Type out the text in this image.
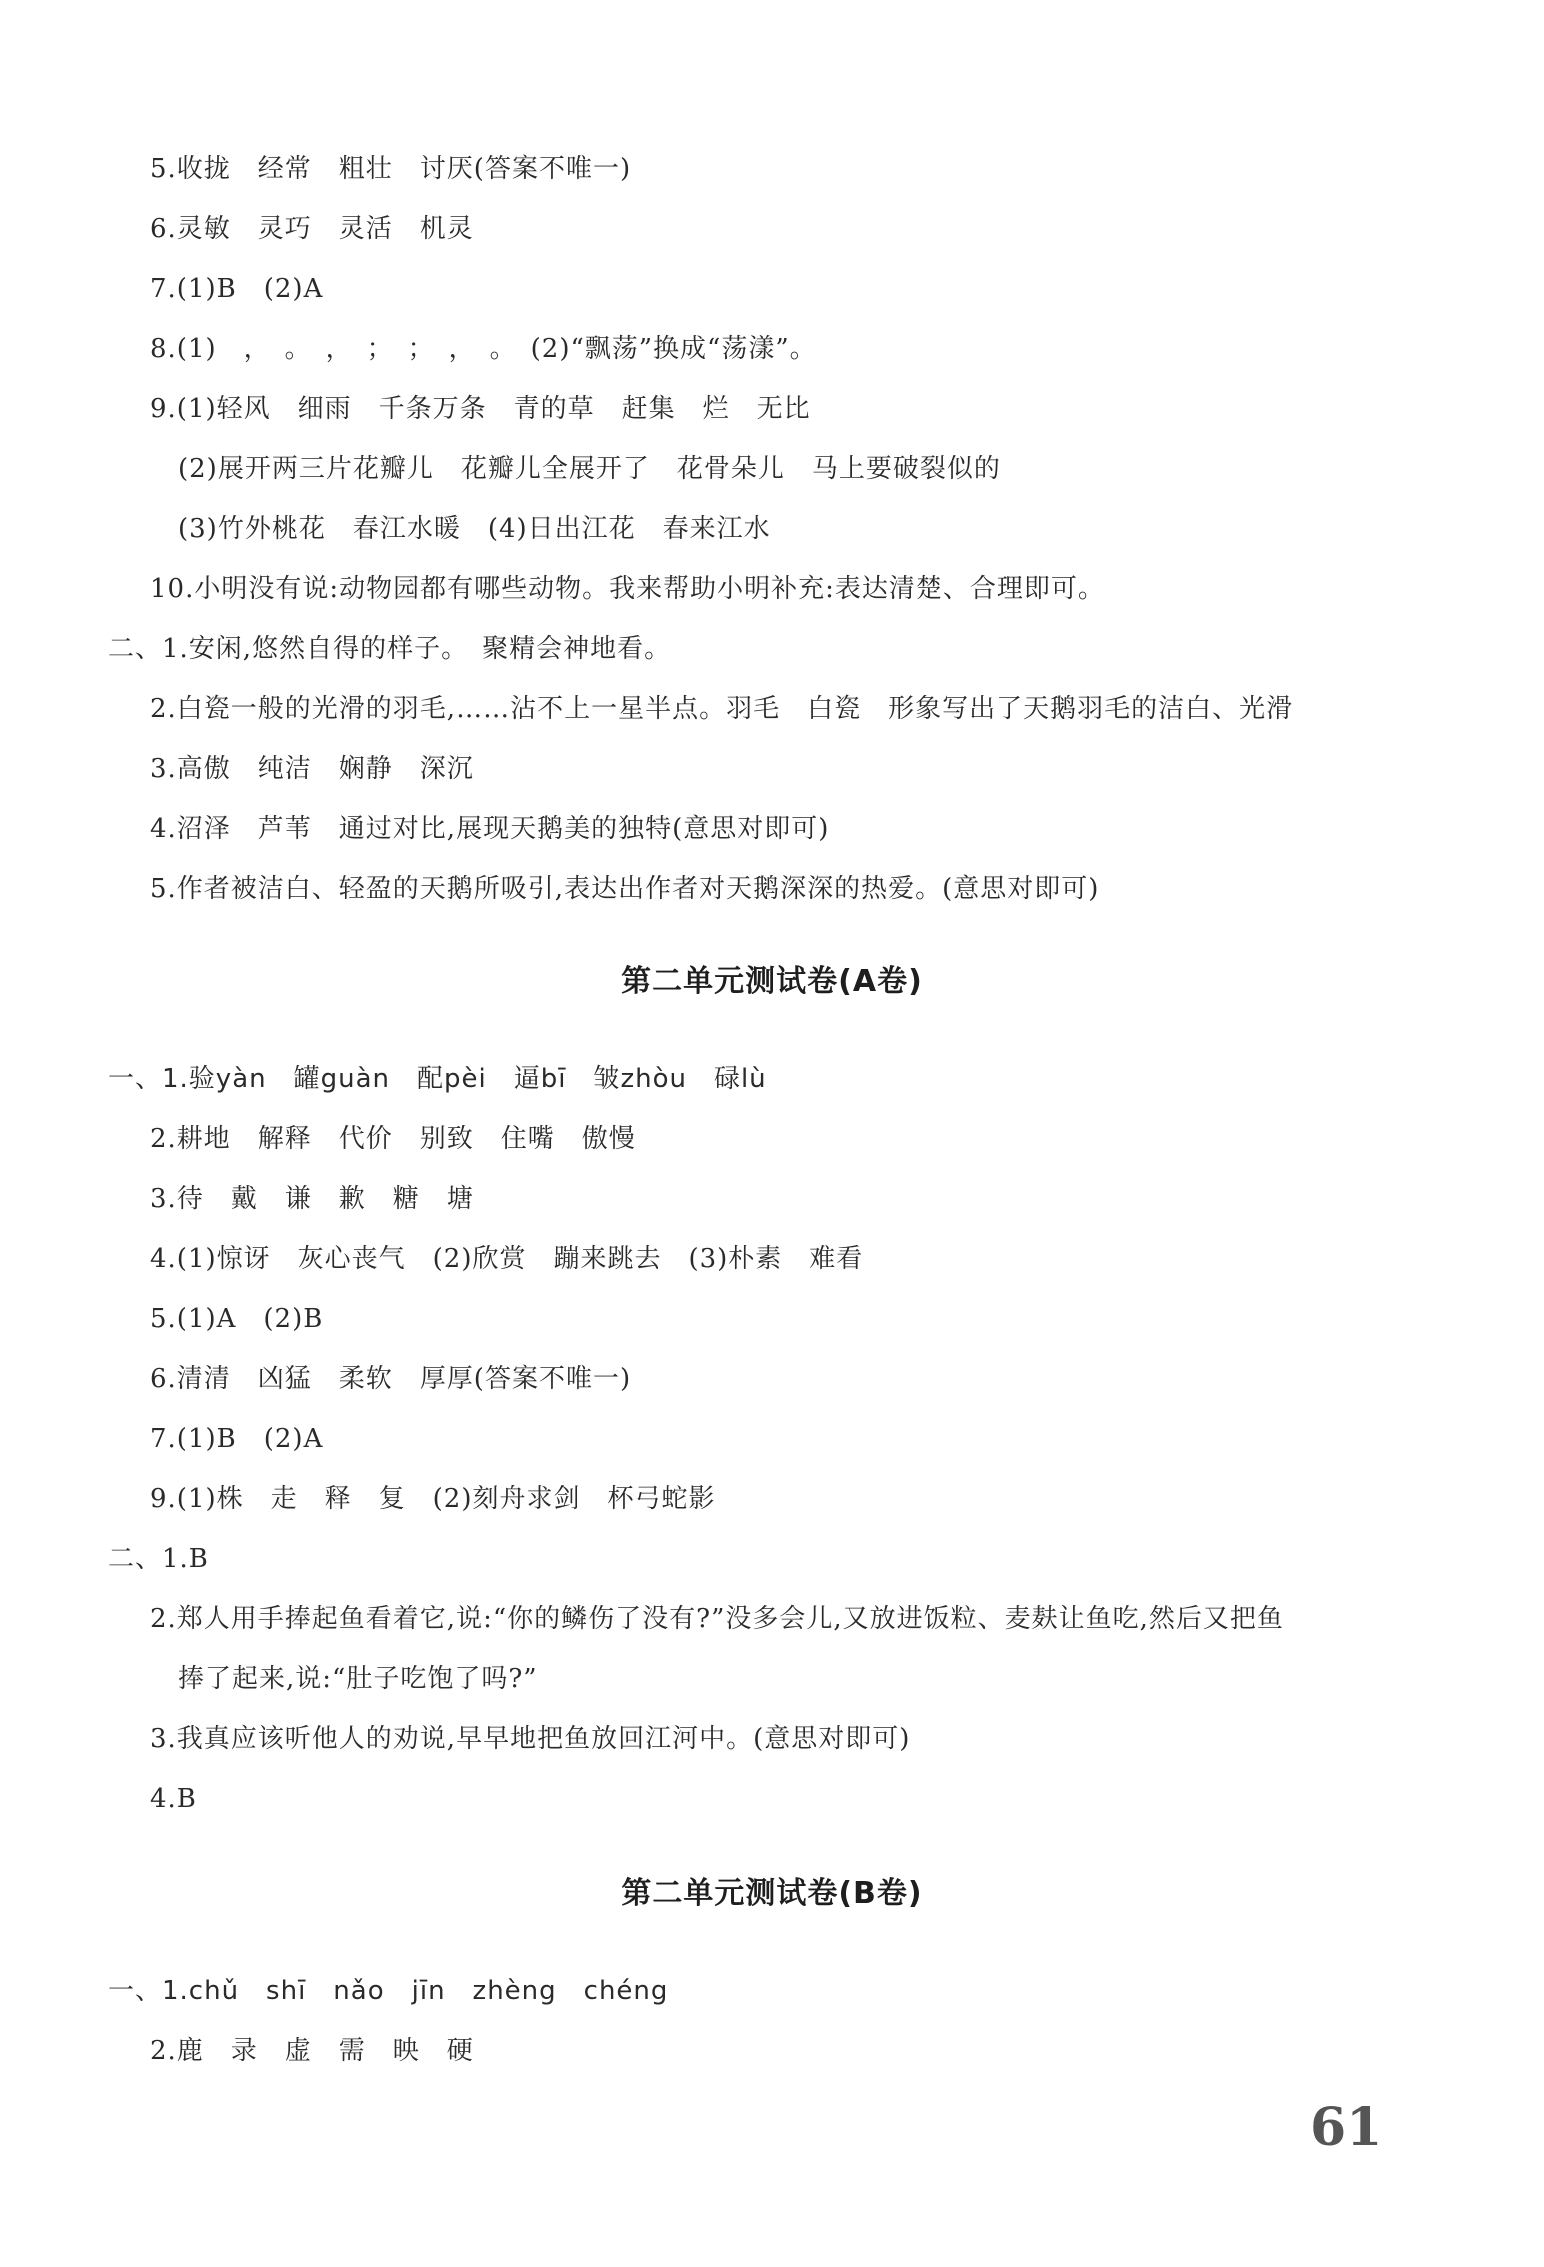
5.收拢　经常　粗壮　讨厌(答案不唯一)
6.灵敏　灵巧　灵活　机灵
7.(1)B　(2)A
8.(1)　，　。　，　；　；　，　。　(2)“飘荡”换成“荡漾”。
9.(1)轻风　细雨　千条万条　青的草　赶集　烂　无比
(2)展开两三片花瓣儿　花瓣儿全展开了　花骨朵儿　马上要破裂似的
(3)竹外桃花　春江水暖　(4)日出江花　春来江水
10.小明没有说:动物园都有哪些动物。我来帮助小明补充:表达清楚、合理即可。
二、1.安闲,悠然自得的样子。　聚精会神地看。
2.白瓷一般的光滑的羽毛,……沾不上一星半点。羽毛　白瓷　形象写出了天鹅羽毛的洁白、光滑
3.高傲　纯洁　娴静　深沉
4.沼泽　芦苇　通过对比,展现天鹅美的独特(意思对即可)
5.作者被洁白、轻盈的天鹅所吸引,表达出作者对天鹅深深的热爱。(意思对即可)
第二单元测试卷(A卷)
一、1.验yàn　罐guàn　配pèi　逼bī　皱zhòu　碌lù
2.耕地　解释　代价　别致　住嘴　傲慢
3.待　戴　谦　歉　糖　塘
4.(1)惊讶　灰心丧气　(2)欣赏　蹦来跳去　(3)朴素　难看
5.(1)A　(2)B
6.清清　凶猛　柔软　厚厚(答案不唯一)
7.(1)B　(2)A
9.(1)株　走　释　复　(2)刻舟求剑　杯弓蛇影
二、1.B
2.郑人用手捧起鱼看着它,说:“你的鳞伤了没有?”没多会儿,又放进饭粒、麦麸让鱼吃,然后又把鱼
捧了起来,说:“肚子吃饱了吗?”
3.我真应该听他人的劝说,早早地把鱼放回江河中。(意思对即可)
4.B
第二单元测试卷(B卷)
一、1.chǔ　shī　nǎo　jīn　zhèng　chéng
2.鹿　录　虚　需　映　硬
61
